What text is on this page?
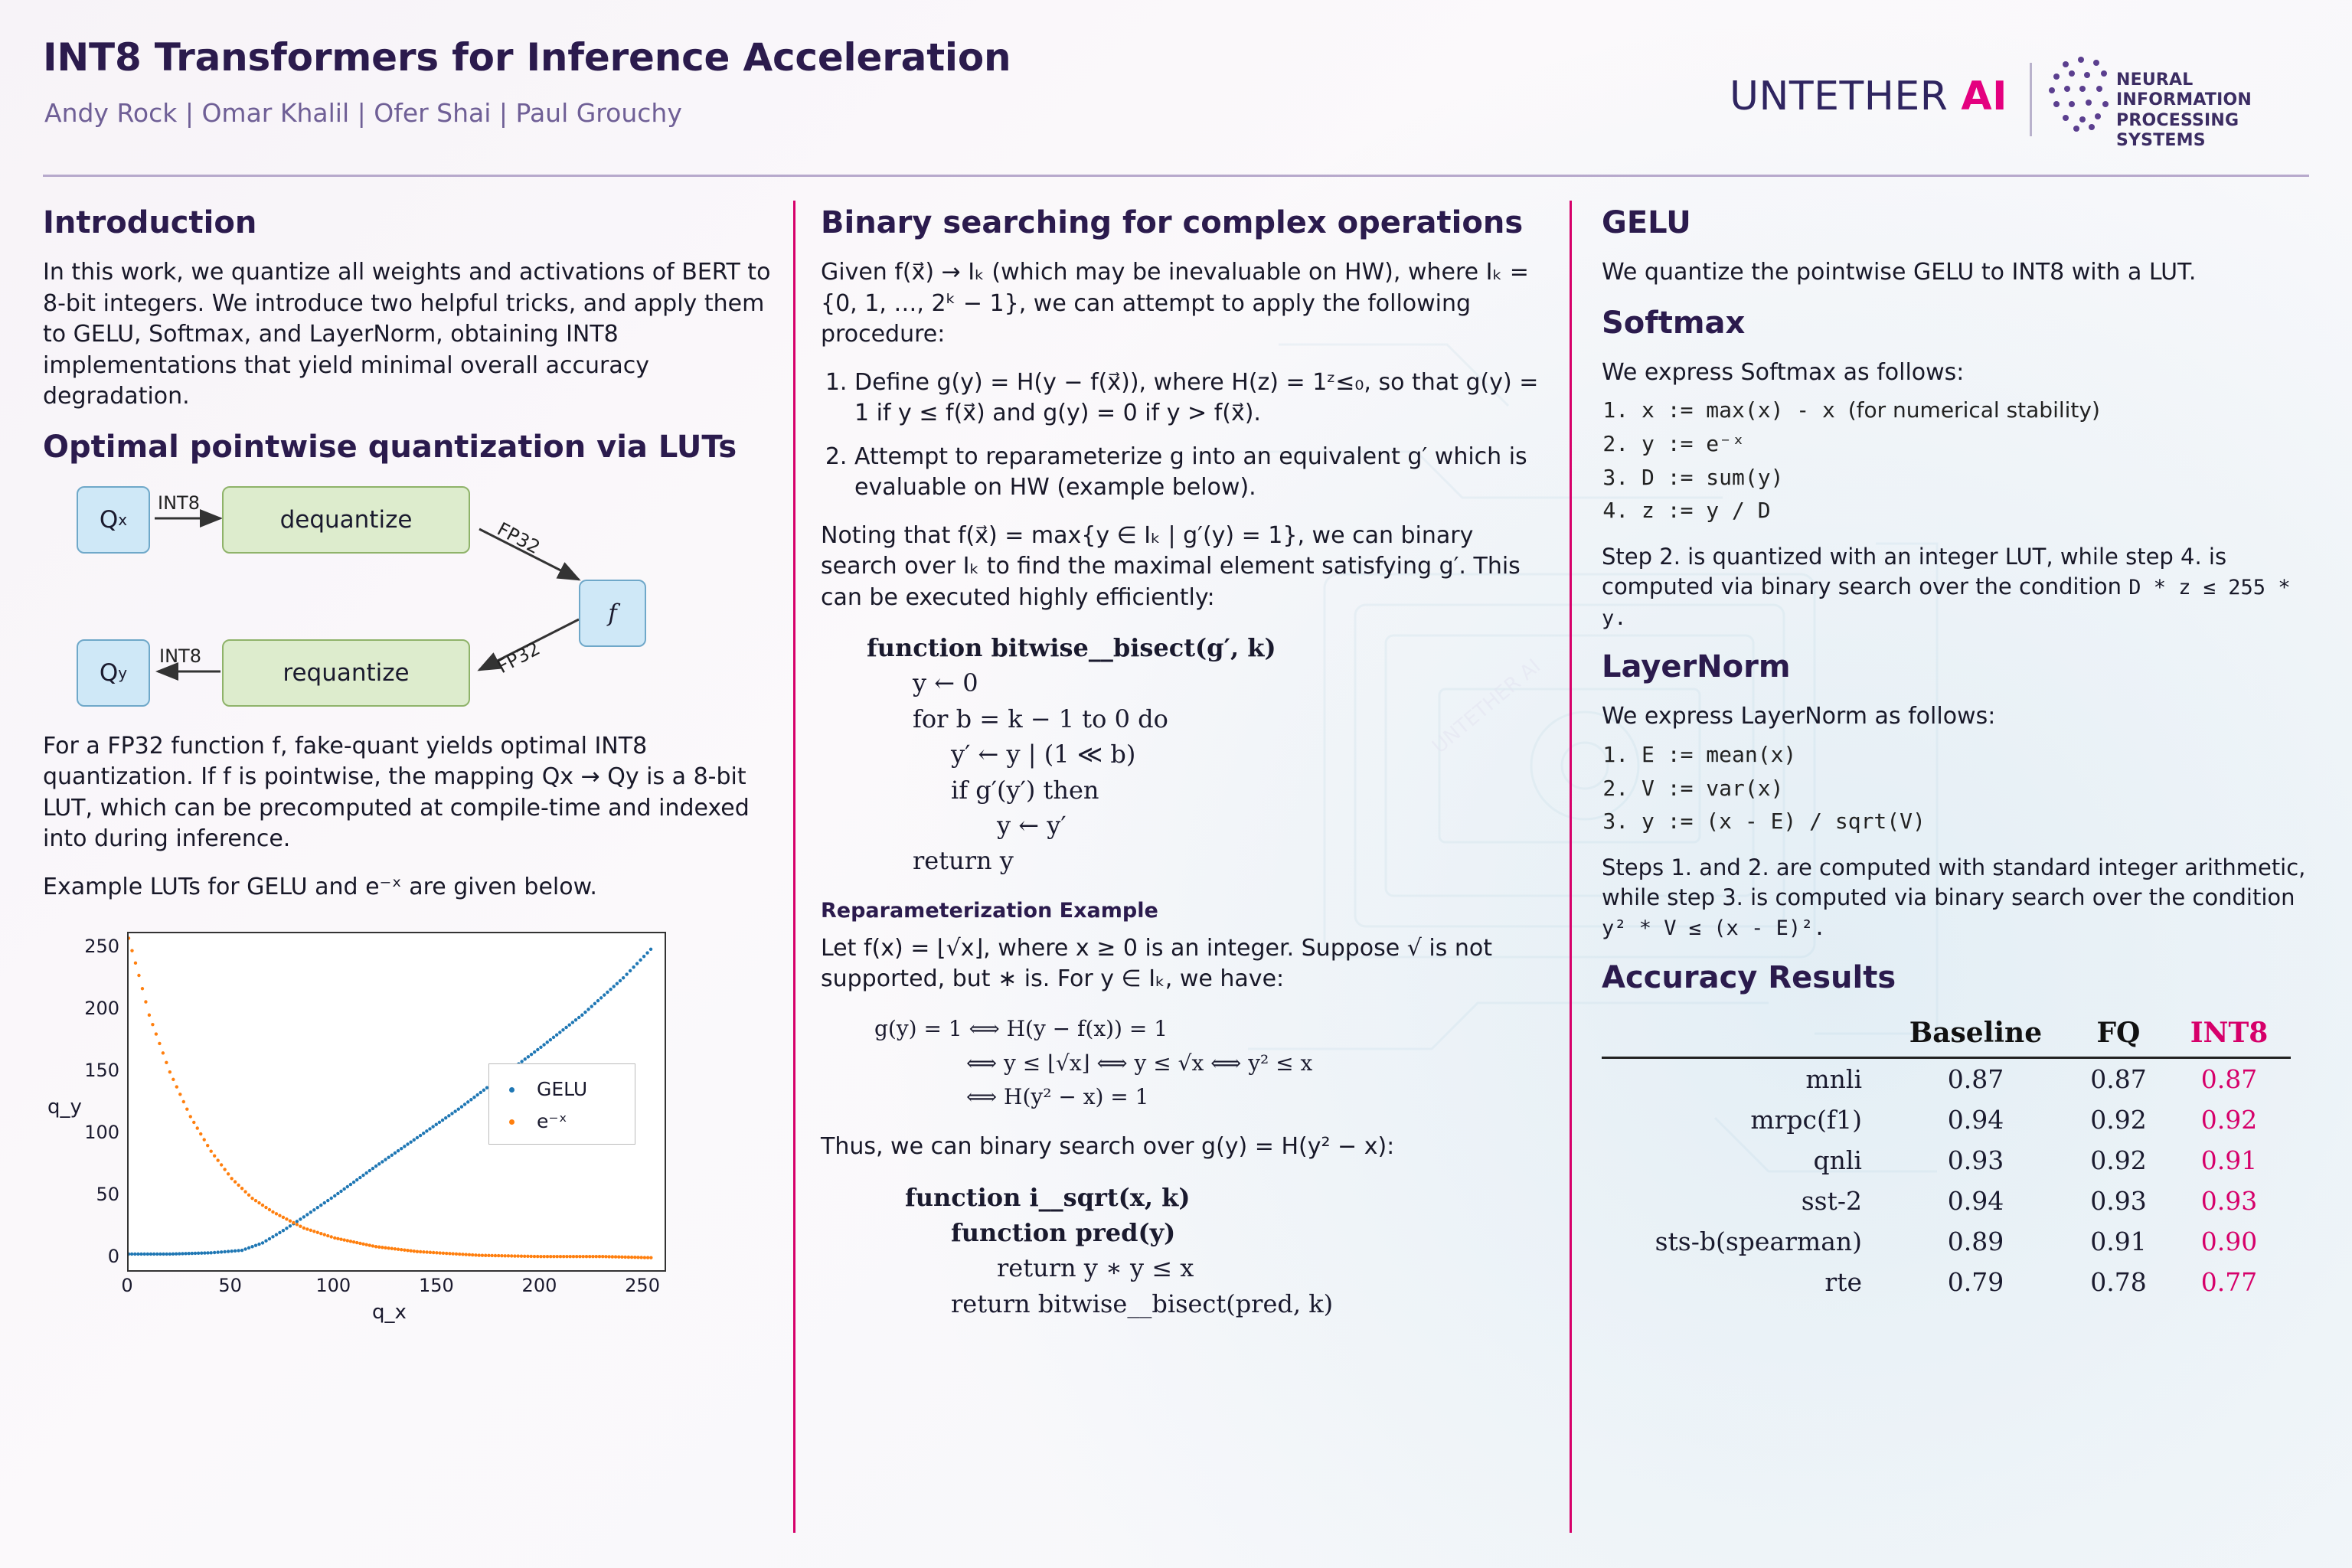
UNTETHER AI
INT8 Transformers for Inference Acceleration
Andy Rock | Omar Khalil | Ofer Shai | Paul Grouchy	UNTETHER AI	NEURAL INFORMATION
PROCESSING SYSTEMS
Introduction

In this work, we quantize all weights and activations of BERT to 8-bit integers. We introduce two helpful tricks, and apply them to GELU, Softmax, and LayerNorm, obtaining INT8 implementations that yield minimal overall accuracy degradation.

Optimal pointwise quantization via LUTs
Q x	dequantize
f
requantize
Q y
INT8
INT8
FP32
FP32

For a FP32 function f, fake-quant yields optimal INT8 quantization. If f is pointwise, the mapping Qx → Qy is a 8-bit LUT, which can be precomputed at compile-time and indexed into during inference.

Example LUTs for GELU and e⁻ˣ are given below.

q_y
q_x
GELU
e⁻ˣ
0
50
100
150
200
250
0	50	100	150	200	250
Binary searching for complex operations

Given f(x⃗) → Iₖ (which may be inevaluable on HW), where Iₖ = {0, 1, …, 2ᵏ − 1}, we can attempt to apply the following procedure:

1. Define g(y) = H(y − f(x⃗)), where H(z) = 1ᶻ≤₀, so that g(y) = 1 if y ≤ f(x⃗) and g(y) = 0 if y > f(x⃗).
2. Attempt to reparameterize g into an equivalent g′ which is evaluable on HW (example below).

Noting that f(x⃗) = max{y ∈ Iₖ | g′(y) = 1}, we can binary search over Iₖ to find the maximal element satisfying g′. This can be executed highly efficiently:

function bitwise__bisect(g′, k)
y ← 0
for b = k − 1 to 0 do
y′ ← y | (1 ≪ b)
if g′(y′) then
y ← y′
return y
Reparameterization Example

Let f(x) = ⌊√x⌋, where x ≥ 0 is an integer. Suppose √ is not supported, but ∗ is. For y ∈ Iₖ, we have:

g(y) = 1 ⟺ H(y − f(x)) = 1
⟺ y ≤ ⌊√x⌋ ⟺ y ≤ √x ⟺ y² ≤ x
⟺ H(y² − x) = 1

Thus, we can binary search over g(y) = H(y² − x):

function i__sqrt(x, k)
function pred(y)
return y ∗ y ≤ x
return bitwise__bisect(pred, k)
GELU

We quantize the pointwise GELU to INT8 with a LUT.

Softmax

We express Softmax as follows:

1. x := max(x) - x (for numerical stability)
2. y := e⁻ˣ
3. D := sum(y)
4. z := y / D

Step 2. is quantized with an integer LUT, while step 4. is computed via binary search over the condition D * z ≤ 255 * y.

LayerNorm

We express LayerNorm as follows:

1. E := mean(x)
2. V := var(x)
3. y := (x - E) / sqrt(V)

Steps 1. and 2. are computed with standard integer arithmetic, while step 3. is computed via binary search over the condition y² * V ≤ (x - E)².

Accuracy Results
	Baseline	FQ	INT8
mnli	0.87	0.87	0.87
mrpc(f1)	0.94	0.92	0.92
qnli	0.93	0.92	0.91
sst-2	0.94	0.93	0.93
sts-b(spearman)	0.89	0.91	0.90
rte	0.79	0.78	0.77
